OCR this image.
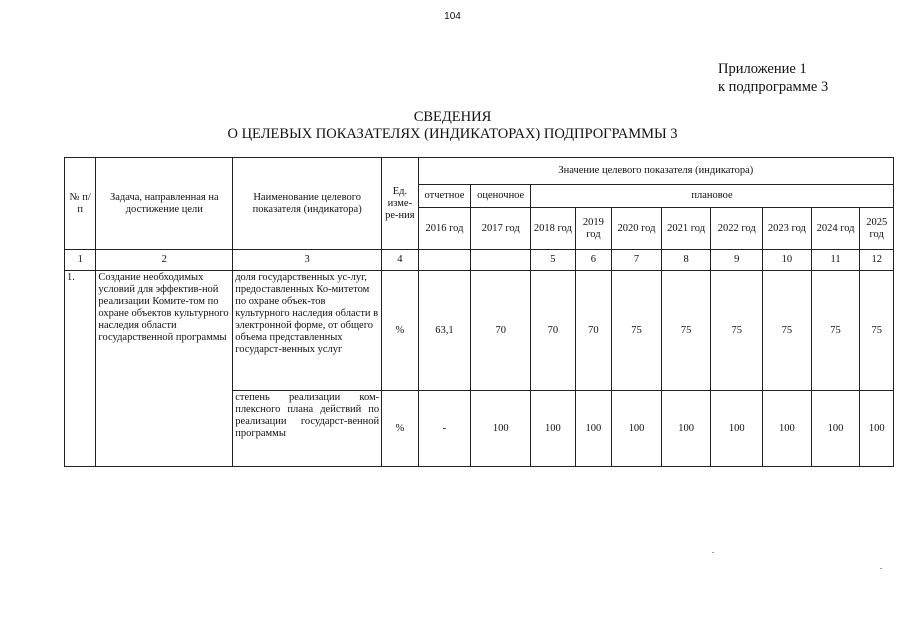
104
Приложение 1
к подпрограмме 3
СВЕДЕНИЯ
О ЦЕЛЕВЫХ ПОКАЗАТЕЛЯХ (ИНДИКАТОРАХ) ПОДПРОГРАММЫ 3
№ п/п	Задача, направленная на достижение цели	Наименование целевого показателя (индикатора)	Ед. изме-ре-ния	Значение целевого показателя (индикатора)									
				отчетное	оценочное	плановое							
				2016 год	2017 год	2018 год	2019 год	2020 год	2021 год	2022 год	2023 год	2024 год	2025 год
1	2	3	4			5	6	7	8	9	10	11	12
1.	Создание необходимых условий для эффектив-ной реализации Комите-том по охране объектов культурного наследия области государственной программы	доля государственных ус-луг, предоставленных Ко-митетом по охране объек-тов культурного наследия области в электронной форме, от общего объема представленных государст-венных услуг	%	63,1	70	70	70	75	75	75	75	75	75
		степень реализации ком-плексного плана действий по реализации государст-венной программы	%	-	100	100	100	100	100	100	100	100	100
